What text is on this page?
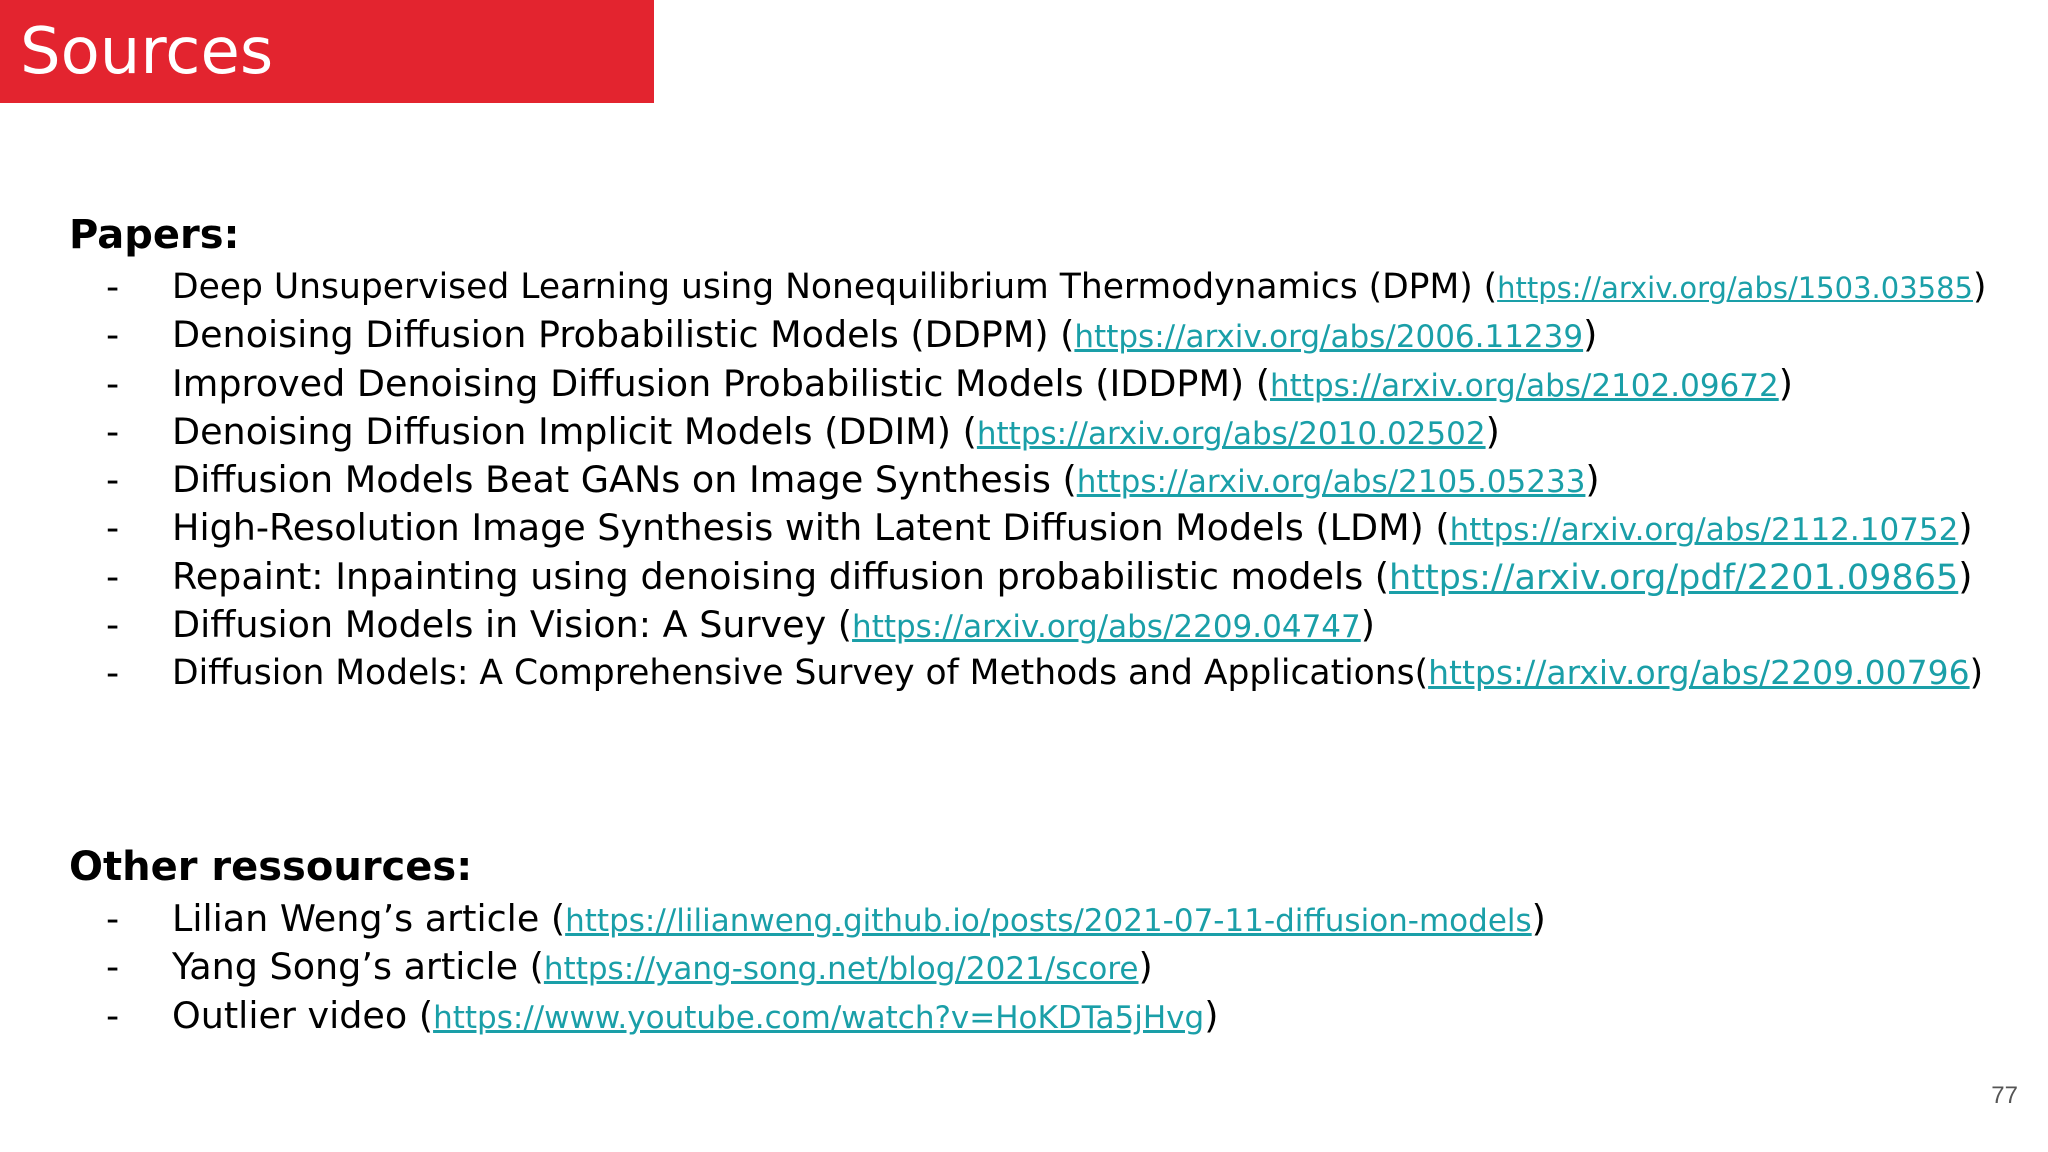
Sources
Papers:
- Deep Unsupervised Learning using Nonequilibrium Thermodynamics (DPM) (https://arxiv.org/abs/1503.03585)
- Denoising Diffusion Probabilistic Models (DDPM) (https://arxiv.org/abs/2006.11239)
- Improved Denoising Diffusion Probabilistic Models (IDDPM) (https://arxiv.org/abs/2102.09672)
- Denoising Diffusion Implicit Models (DDIM) (https://arxiv.org/abs/2010.02502)
- Diffusion Models Beat GANs on Image Synthesis (https://arxiv.org/abs/2105.05233)
- High-Resolution Image Synthesis with Latent Diffusion Models (LDM) (https://arxiv.org/abs/2112.10752)
- Repaint: Inpainting using denoising diffusion probabilistic models (https://arxiv.org/pdf/2201.09865)
- Diffusion Models in Vision: A Survey (https://arxiv.org/abs/2209.04747)
- Diffusion Models: A Comprehensive Survey of Methods and Applications(https://arxiv.org/abs/2209.00796)
Other ressources:
- Lilian Weng’s article (https://lilianweng.github.io/posts/2021-07-11-diffusion-models)
- Yang Song’s article (https://yang-song.net/blog/2021/score)
- Outlier video (https://www.youtube.com/watch?v=HoKDTa5jHvg)
77
